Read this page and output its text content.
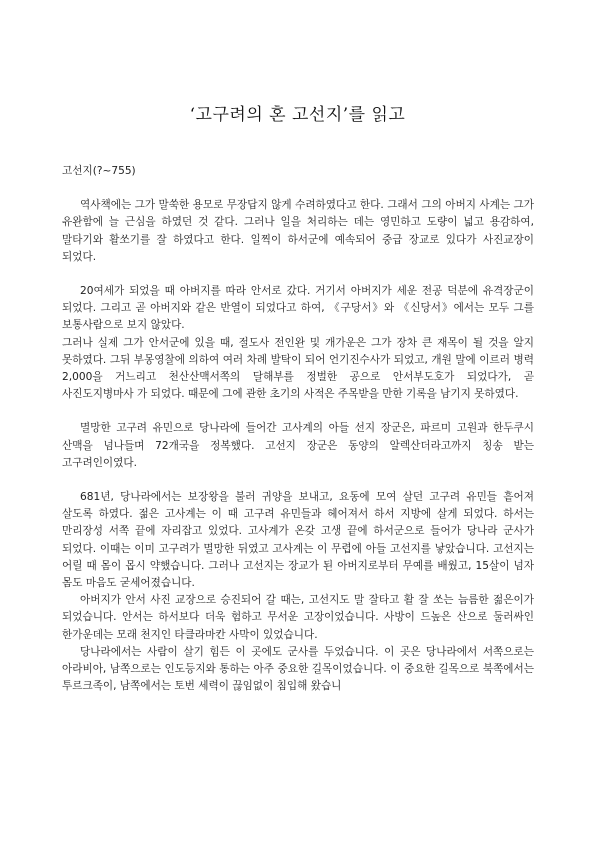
‘고구려의 혼 고선지’를 읽고

고선지(?~755)

역사책에는 그가 말쑥한 용모로 무장답지 않게 수려하였다고 한다. 그래서 그의 아버지 사계는 그가 유완함에 늘 근심을 하였던 것 같다. 그러나 일을 처리하는 데는 영민하고 도량이 넓고 용감하여, 말타기와 활쏘기를 잘 하였다고 한다. 일찍이 하서군에 예속되어 중급 장교로 있다가 사진교장이 되었다.

20여세가 되었을 때 아버지를 따라 안서로 갔다. 거기서 아버지가 세운 전공 덕분에 유격장군이 되었다. 그리고 곧 아버지와 같은 반열이 되었다고 하여, 《구당서》와 《신당서》에서는 모두 그를 보통사람으로 보지 않았다.

그러나 실제 그가 안서군에 있을 때, 절도사 전인완 및 개가운은 그가 장차 큰 재목이 될 것을 알지 못하였다. 그뒤 부몽영찰에 의하여 여러 차례 발탁이 되어 언기진수사가 되었고, 개원 말에 이르러 병력 2,000을 거느리고 천산산맥서쪽의 달해부를 정벌한 공으로 안서부도호가 되었다가, 곧 사진도지병마사 가 되었다. 때문에 그에 관한 초기의 사적은 주목받을 만한 기록을 남기지 못하였다.

멸망한 고구려 유민으로 당나라에 들어간 고사계의 아들 선지 장군은, 파르미 고원과 한두쿠시 산맥을 넘나들며 72개국을 정복했다. 고선지 장군은 동양의 알렉산더라고까지 칭송 받는 고구려인이였다.

681년, 당나라에서는 보장왕을 불러 귀양을 보내고, 요동에 모여 살던 고구려 유민들 흩어져 살도록 하였다. 젊은 고사계는 이 때 고구려 유민들과 헤어져서 하서 지방에 살게 되었다. 하서는 만리장성 서쪽 끝에 자리잡고 있었다. 고사계가 온갖 고생 끝에 하서군으로 들어가 당나라 군사가 되었다. 이때는 이미 고구려가 멸망한 뒤였고 고사계는 이 무렵에 아들 고선지를 낳았습니다. 고선지는 어릴 때 몸이 몹시 약했습니다. 그러나 고선지는 장교가 된 아버지로부터 무예를 배웠고, 15살이 넘자 몸도 마음도 굳세어졌습니다.

아버지가 안서 사진 교장으로 승진되어 갈 때는, 고선지도 말 잘타고 활 잘 쏘는 늠름한 젊은이가 되었습니다. 안서는 하서보다 더욱 험하고 무서운 고장이었습니다. 사방이 드높은 산으로 둘러싸인 한가운데는 모래 천지인 타클라마칸 사막이 있었습니다.

당나라에서는 사람이 살기 힘든 이 곳에도 군사를 두었습니다. 이 곳은 당나라에서 서쪽으로는 아라비아, 남쪽으로는 인도등지와 통하는 아주 중요한 길목이었습니다. 이 중요한 길목으로 북쪽에서는 투르크족이, 남쪽에서는 토번 세력이 끊임없이 침입해 왔습니
